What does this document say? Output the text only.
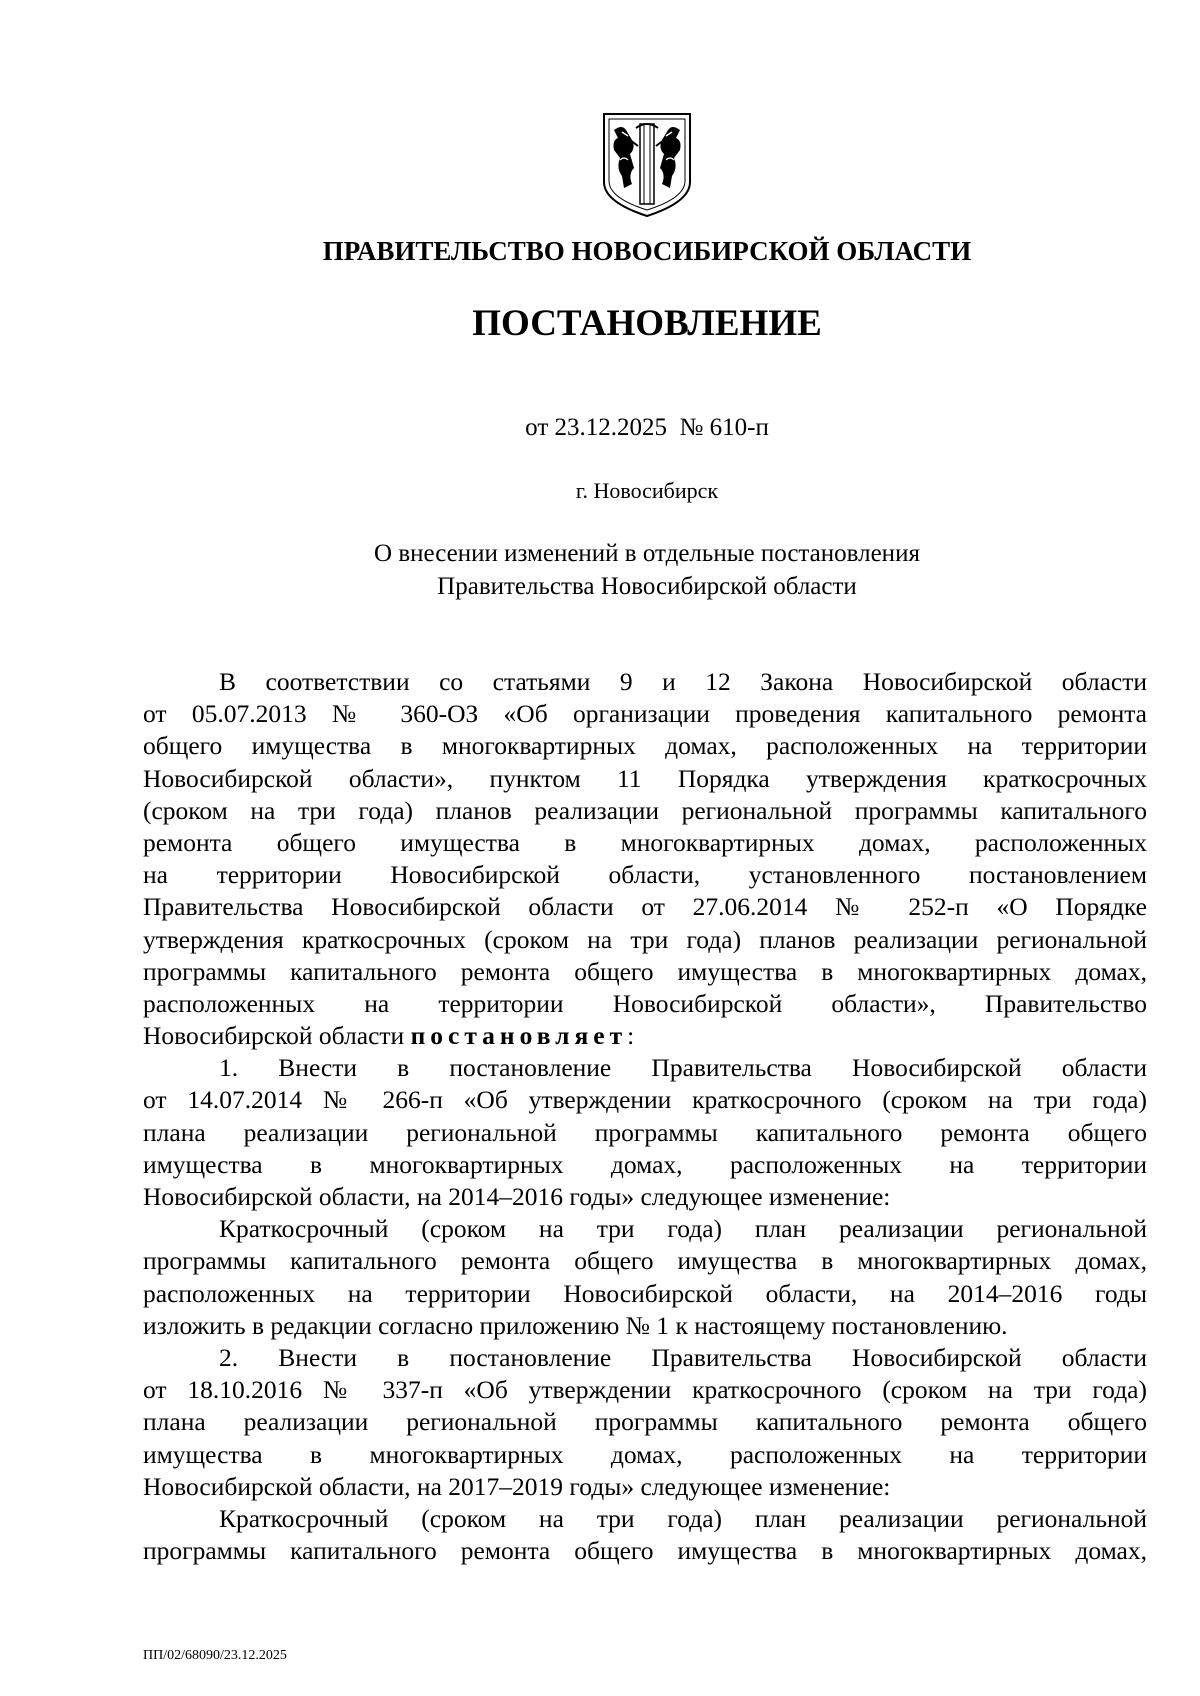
ПРАВИТЕЛЬСТВО НОВОСИБИРСКОЙ ОБЛАСТИ
ПОСТАНОВЛЕНИЕ
от 23.12.2025  № 610-п
г. Новосибирск
О внесении изменений в отдельные постановления
Правительства Новосибирской области
В соответствии со статьями 9 и 12 Закона Новосибирской области
от 05.07.2013 № 360-ОЗ «Об организации проведения капитального ремонта
общего имущества в многоквартирных домах, расположенных на территории
Новосибирской области», пунктом 11 Порядка утверждения краткосрочных
(сроком на три года) планов реализации региональной программы капитального
ремонта общего имущества в многоквартирных домах, расположенных
на территории Новосибирской области, установленного постановлением
Правительства Новосибирской области от 27.06.2014 № 252-п «О Порядке
утверждения краткосрочных (сроком на три года) планов реализации региональной
программы капитального ремонта общего имущества в многоквартирных домах,
расположенных на территории Новосибирской области», Правительство
Новосибирской области постановляет:
1. Внести в постановление Правительства Новосибирской области
от 14.07.2014 № 266-п «Об утверждении краткосрочного (сроком на три года)
плана реализации региональной программы капитального ремонта общего
имущества в многоквартирных домах, расположенных на территории
Новосибирской области, на 2014–2016 годы» следующее изменение:
Краткосрочный (сроком на три года) план реализации региональной
программы капитального ремонта общего имущества в многоквартирных домах,
расположенных на территории Новосибирской области, на 2014–2016 годы
изложить в редакции согласно приложению № 1 к настоящему постановлению.
2. Внести в постановление Правительства Новосибирской области
от 18.10.2016 № 337-п «Об утверждении краткосрочного (сроком на три года)
плана реализации региональной программы капитального ремонта общего
имущества в многоквартирных домах, расположенных на территории
Новосибирской области, на 2017–2019 годы» следующее изменение:
Краткосрочный (сроком на три года) план реализации региональной
программы капитального ремонта общего имущества в многоквартирных домах,
ПП/02/68090/23.12.2025
